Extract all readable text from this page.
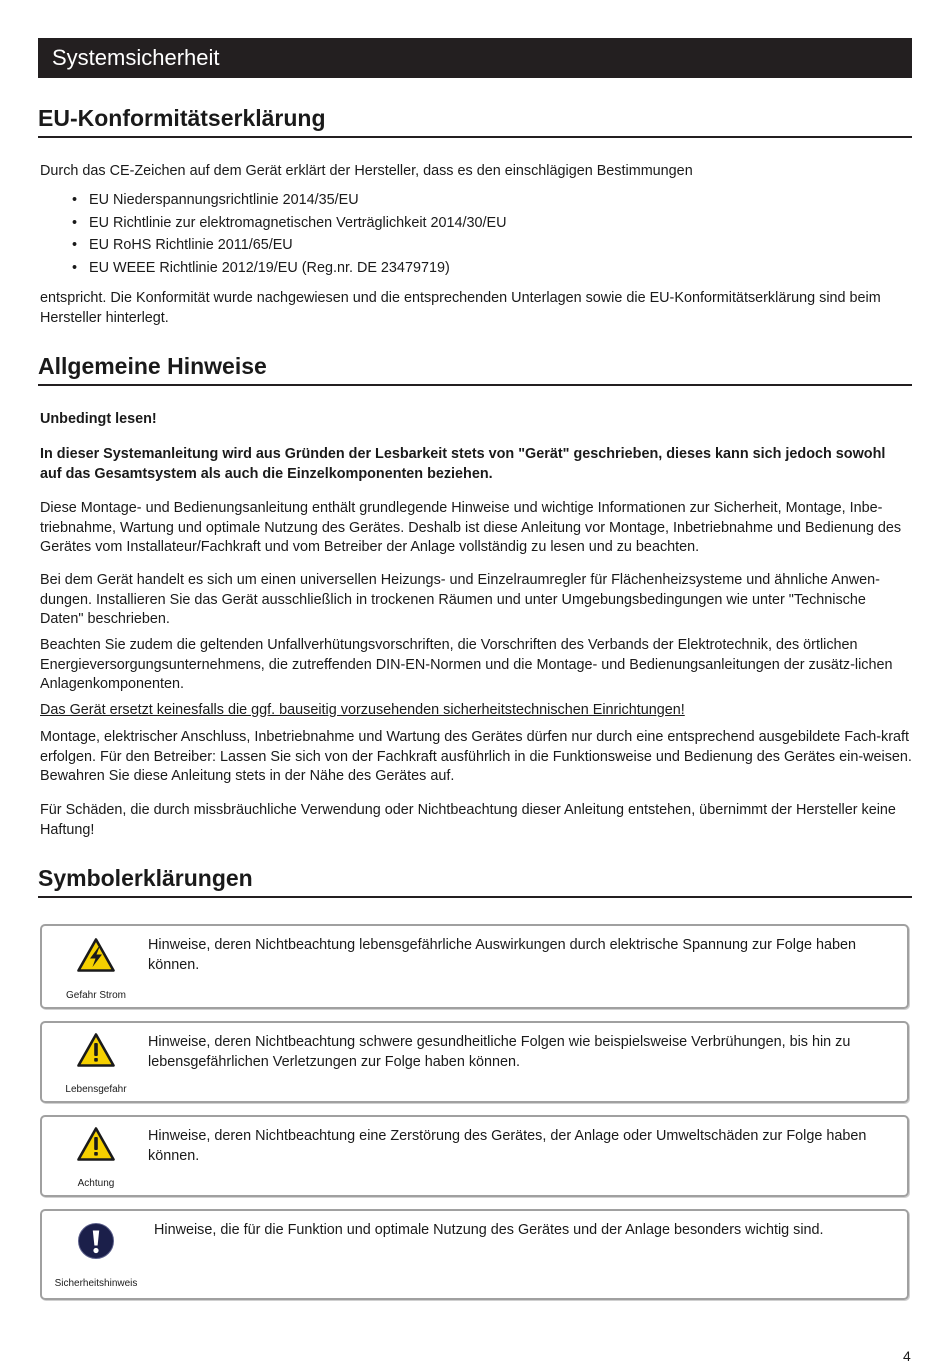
Systemsicherheit
EU-Konformitätserklärung

Durch das CE-Zeichen auf dem Gerät erklärt der Hersteller, dass es den einschlägigen Bestimmungen

• EU Niederspannungsrichtlinie 2014/35/EU
• EU Richtlinie zur elektromagnetischen Verträglichkeit 2014/30/EU
• EU RoHS Richtlinie 2011/65/EU
• EU WEEE Richtlinie 2012/19/EU (Reg.nr. DE 23479719)

entspricht. Die Konformität wurde nachgewiesen und die entsprechenden Unterlagen sowie die EU-Konformitätserklärung sind beim Hersteller hinterlegt.

Allgemeine Hinweise

Unbedingt lesen!

In dieser Systemanleitung wird aus Gründen der Lesbarkeit stets von "Gerät" geschrieben, dieses kann sich jedoch sowohl auf das Gesamtsystem als auch die Einzelkomponenten beziehen.

Diese Montage- und Bedienungsanleitung enthält grundlegende Hinweise und wichtige Informationen zur Sicherheit, Montage, Inbe-triebnahme, Wartung und optimale Nutzung des Gerätes. Deshalb ist diese Anleitung vor Montage, Inbetriebnahme und Bedienung des Gerätes vom Installateur/Fachkraft und vom Betreiber der Anlage vollständig zu lesen und zu beachten.

Bei dem Gerät handelt es sich um einen universellen Heizungs- und Einzelraumregler für Flächenheizsysteme und ähnliche Anwen-dungen. Installieren Sie das Gerät ausschließlich in trockenen Räumen und unter Umgebungsbedingungen wie unter "Technische Daten" beschrieben.

Beachten Sie zudem die geltenden Unfallverhütungsvorschriften, die Vorschriften des Verbands der Elektrotechnik, des örtlichen Energieversorgungsunternehmens, die zutreffenden DIN-EN-Normen und die Montage- und Bedienungsanleitungen der zusätz-lichen Anlagenkomponenten.

Das Gerät ersetzt keinesfalls die ggf. bauseitig vorzusehenden sicherheitstechnischen Einrichtungen!

Montage, elektrischer Anschluss, Inbetriebnahme und Wartung des Gerätes dürfen nur durch eine entsprechend ausgebildete Fach-kraft erfolgen. Für den Betreiber: Lassen Sie sich von der Fachkraft ausführlich in die Funktionsweise und Bedienung des Gerätes ein-weisen. Bewahren Sie diese Anleitung stets in der Nähe des Gerätes auf.

Für Schäden, die durch missbräuchliche Verwendung oder Nichtbeachtung dieser Anleitung entstehen, übernimmt der Hersteller keine Haftung!

Symbolerklärungen
Gefahr Strom
Hinweise, deren Nichtbeachtung lebensgefährliche Auswirkungen durch elektrische Spannung zur Folge haben können.
Lebensgefahr
Hinweise, deren Nichtbeachtung schwere gesundheitliche Folgen wie beispielsweise Verbrühungen, bis hin zu lebensgefährlichen Verletzungen zur Folge haben können.
Achtung
Hinweise, deren Nichtbeachtung eine Zerstörung des Gerätes, der Anlage oder Umweltschäden zur Folge haben können.
Sicherheitshinweis
Hinweise, die für die Funktion und optimale Nutzung des Gerätes und der Anlage besonders wichtig sind.
4
